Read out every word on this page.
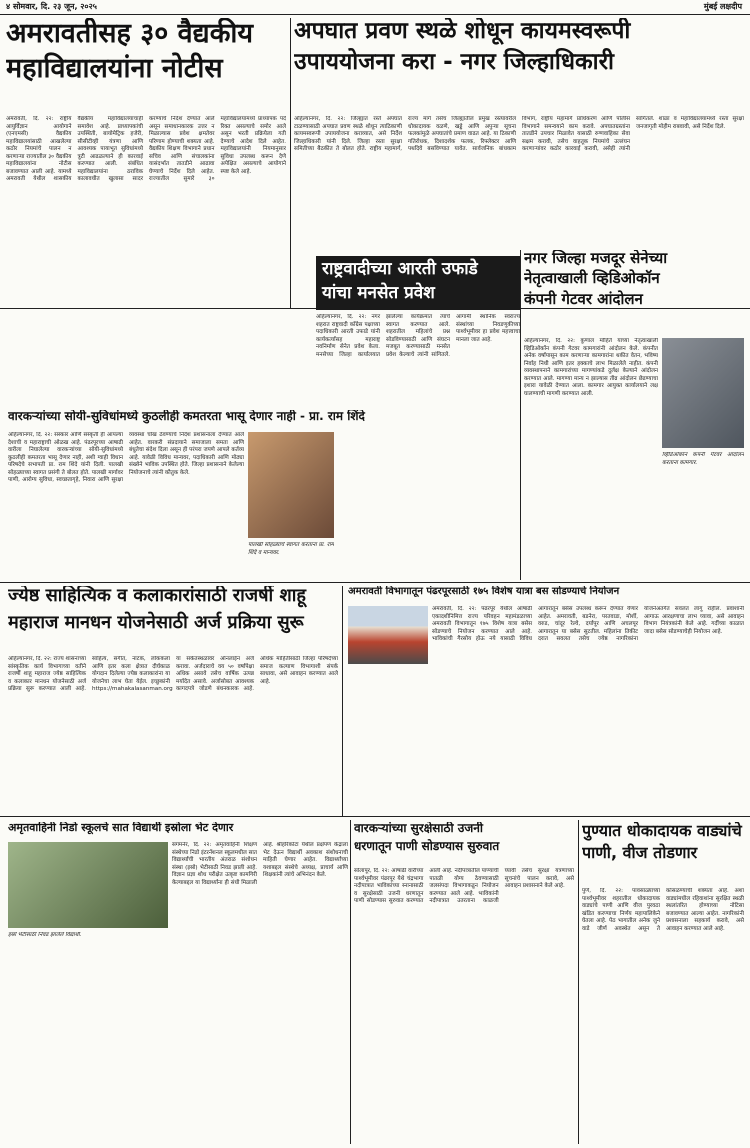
४ सोमवार, दि. २३ जून, २०२५	मुंबई लक्षदीप
अमरावतीसह ३० वैद्यकीय
महाविद्यालयांना नोटीस
अमरावती, दि. २२: राष्ट्रीय आयुर्विज्ञान आयोगाने (एनएमसी) वैद्यकीय महाविद्यालयांसाठी आखलेल्या कठोर नियमांचे पालन न करणाऱ्या राज्यातील ३० वैद्यकीय महाविद्यालयांना नोटीस बजावण्यात आली आहे. यामध्ये अमरावती येथील शासकीय वैद्यकीय महाविद्यालयाचाही समावेश आहे. प्राध्यापकांची उपस्थिती, बायोमेट्रिक हजेरी, सीसीटीव्ही यंत्रणा आणि आवश्यक पायाभूत सुविधांमध्ये त्रुटी आढळल्याने ही कारवाई करण्यात आली. संबंधित महाविद्यालयांना ठराविक कालावधीत खुलासा सादर करण्याचे निर्देश देण्यात आले असून समाधानकारक उत्तर न मिळाल्यास प्रवेश क्षमतेवर परिणाम होण्याची शक्यता आहे. वैद्यकीय शिक्षण विभागाने प्रधान सचिव आणि संचालकांना यासंदर्भात तातडीने आढावा घेण्याचे निर्देश दिले आहेत. राज्यातील सुमारे ३० महाविद्यालयांमध्ये प्राध्यापक पदे रिक्त असल्याचे समोर आले असून भरती प्रक्रियेला गती देण्याचे आदेश दिले आहेत. महाविद्यालयांनी नियमानुसार सुविधा उपलब्ध करून देणे अपेक्षित असल्याचे आयोगाने स्पष्ट केले आहे.
अपघात प्रवण स्थळे शोधून कायमस्वरूपी
उपाययोजना करा - नगर जिल्हाधिकारी
अहिल्यानगर, दि. २२: जिल्ह्यात रस्ते अपघात टाळण्यासाठी अपघात प्रवण स्थळे शोधून त्याठिकाणी कायमस्वरूपी उपाययोजना कराव्यात, असे निर्देश जिल्हाधिकारी यांनी दिले. जिल्हा रस्ता सुरक्षा समितीच्या बैठकीत ते बोलत होते. राष्ट्रीय महामार्ग, राज्य मार्ग तसेच जिल्ह्यातील प्रमुख रस्त्यांवरील धोकादायक वळणे, खड्डे आणि अपुऱ्या सूचना फलकांमुळे अपघातांचे प्रमाण वाढत आहे. या ठिकाणी गतिरोधक, दिशादर्शक फलक, रिफ्लेक्टर आणि पथदिवे बसविण्यात यावेत. सार्वजनिक बांधकाम विभाग, राष्ट्रीय महामार्ग प्राधिकरण आणि पोलीस विभागाने समन्वयाने काम करावे. अपघातग्रस्तांना तातडीने उपचार मिळावेत यासाठी रुग्णवाहिका सेवा सक्षम करावी, तसेच वाहतूक नियमांचे उल्लंघन करणाऱ्यांवर कठोर कारवाई करावी, असेही त्यांनी सांगितले. शाळा व महाविद्यालयांमध्ये रस्ता सुरक्षा जनजागृती मोहीम राबवावी, असे निर्देश दिले.
राष्ट्रवादीच्या आरती उफाडे
यांचा मनसेत प्रवेश
अहिल्यानगर, दि. २२: नगर शहरात राष्ट्रवादी काँग्रेस पक्षाच्या पदाधिकारी आरती उफाडे यांनी कार्यकर्त्यांसह महाराष्ट्र नवनिर्माण सेनेत प्रवेश केला. मनसेच्या जिल्हा कार्यालयात झालेल्या कार्यक्रमात त्यांचे स्वागत करण्यात आले. शहरातील महिलांचे प्रश्न सोडविण्यासाठी आणि संघटन मजबूत करण्यासाठी मनसेत प्रवेश केल्याचे त्यांनी सांगितले. आगामी स्थानिक स्वराज्य संस्थांच्या निवडणुकीच्या पार्श्वभूमीवर हा प्रवेश महत्त्वाचा मानला जात आहे.
नगर जिल्हा मजदूर सेनेच्या
नेतृत्वाखाली व्हिडिओकॉन
कंपनी गेटवर आंदोलन
अहिल्यानगर, दि. २२: कुणाल मोहिते यांच्या नेतृत्वाखाली व्हिडिओकॉन कंपनी गेटवर कामगारांनी आंदोलन केले. कंपनीत अनेक वर्षांपासून काम करणाऱ्या कामगारांना थकीत वेतन, भविष्य निर्वाह निधी आणि इतर हक्काचे लाभ मिळालेले नाहीत. कंपनी व्यवस्थापनाने कामगारांच्या मागण्यांकडे दुर्लक्ष केल्याने आंदोलन करण्यात आले. मागण्या मान्य न झाल्यास तीव्र आंदोलन छेडण्याचा इशारा यावेळी देण्यात आला. कामगार आयुक्त कार्यालयाने लक्ष घालण्याची मागणी करण्यात आली.
व्हिडिओकॉन कंपनी गेटवर आंदोलन करताना कामगार.
वारकऱ्यांच्या सोयी-सुविधांमध्ये कुठलीही कमतरता भासू देणार नाही - प्रा. राम शिंदे
अहिल्यानगर, दि. २२: संस्कार आणि संस्कृती ही आपल्या देशाची व महाराष्ट्राची ओळख आहे. पंढरपूरच्या आषाढी वारीला निघालेल्या वारकऱ्यांच्या सोयी-सुविधांमध्ये कुठलीही कमतरता भासू देणार नाही, अशी ग्वाही विधान परिषदेचे सभापती प्रा. राम शिंदे यांनी दिली. पालखी सोहळ्याच्या स्वागत प्रसंगी ते बोलत होते. पालखी मार्गावर पाणी, आरोग्य सुविधा, स्वच्छतागृहे, निवारा आणि सुरक्षा व्यवस्था चोख ठेवण्याचे निर्देश प्रशासनाला देण्यात आले आहेत. वारकरी संप्रदायाने समाजाला समता आणि बंधुतेचा संदेश दिला असून ही परंपरा जपणे आपले कर्तव्य आहे. यावेळी विविध मान्यवर, पदाधिकारी आणि मोठ्या संख्येने भाविक उपस्थित होते. जिल्हा प्रशासनाने केलेल्या नियोजनाचे त्यांनी कौतुक केले.
पालखी सोहळ्याचे स्वागत करताना प्रा. राम शिंदे व मान्यवर.
ज्येष्ठ साहित्यिक व कलाकारांसाठी राजर्षी शाहू
महाराज मानधन योजनेसाठी अर्ज प्रक्रिया सुरू
अहिल्यानगर, दि. २२: राज्य शासनाच्या सांस्कृतिक कार्य विभागाच्या वतीने राजर्षी शाहू महाराज ज्येष्ठ साहित्यिक व कलाकार मानधन योजनेसाठी अर्ज प्रक्रिया सुरू करण्यात आली आहे. साहित्य, संगीत, नाटक, लोककला आणि इतर कला क्षेत्रात दीर्घकाळ योगदान दिलेल्या ज्येष्ठ कलाकारांना या योजनेचा लाभ घेता येईल. इच्छुकांनी https://mahakalasanman.org या संकेतस्थळावर ऑनलाईन अर्ज करावा. अर्जदाराचे वय ५० वर्षांपेक्षा अधिक असावे तसेच वार्षिक उत्पन्न मर्यादेत असावे. अर्जासोबत आवश्यक कागदपत्रे जोडणे बंधनकारक आहे. अधिक माहितीसाठी जिल्हा परिषदेच्या समाज कल्याण विभागाशी संपर्क साधावा, असे आवाहन करण्यात आले आहे.
अमरावती विभागातून पंढरपूरसाठी १७५ विशेष यात्रा बस सोडण्याचे नियोजन
अमरावती, दि. २२: पंढरपूर येथील आषाढी एकादशीनिमित्त राज्य परिवहन महामंडळाच्या अमरावती विभागातून १७५ विशेष यात्रा बसेस सोडण्याचे नियोजन करण्यात आले आहे. भाविकांची गैरसोय होऊ नये यासाठी विविध आगारांतून बसेस उपलब्ध करून देण्यात येणार आहेत. अमरावती, बडनेरा, परतवाडा, मोर्शी, वरुड, चांदूर रेल्वे, दर्यापूर आणि अचलपूर आगारातून या बसेस सुटतील. महिलांना तिकीट दरात सवलत तसेच ज्येष्ठ नागरिकांना योजनेअंतर्गत सवलत लागू राहील. प्रवाशांनी आगाऊ आरक्षणाचा लाभ घ्यावा, असे आवाहन विभाग नियंत्रकांनी केले आहे. गर्दीच्या काळात जादा बसेस सोडण्याचेही नियोजन आहे.
अमृतवाहिनी निडो स्कूलचे सात विद्यार्थी इस्रोला भेट देणार
इस्रो भेटीसाठी निवड झालेले विद्यार्थी.
संगमनेर, दि. २२: अमृतवाहिनी शिक्षण संस्थेच्या निडो इंटरनॅशनल स्कूलमधील सात विद्यार्थ्यांची भारतीय अंतराळ संशोधन संस्था (इस्रो) भेटीसाठी निवड झाली आहे. विज्ञान प्रज्ञा शोध परीक्षेत उत्कृष्ट कामगिरी केल्याबद्दल या विद्यार्थ्यांना ही संधी मिळाली आहे. श्रीहरिकोटा येथील प्रक्षेपण केंद्राला भेट देऊन विद्यार्थी अवकाश संशोधनाची माहिती घेणार आहेत. विद्यार्थ्यांच्या यशाबद्दल संस्थेचे अध्यक्ष, प्राचार्य आणि शिक्षकांनी त्यांचे अभिनंदन केले.
वारकऱ्यांच्या सुरक्षेसाठी उजनी
धरणातून पाणी सोडण्यास सुरुवात
सोलापूर, दि. २२: आषाढी वारीच्या पार्श्वभूमीवर पंढरपूर येथे चंद्रभागा नदीपात्रात भाविकांच्या स्नानासाठी व सुरक्षेसाठी उजनी धरणातून पाणी सोडण्यास सुरुवात करण्यात आली आहे. नदीपात्रातील पाण्याची पातळी योग्य ठेवण्यासाठी जलसंपदा विभागाकडून नियोजन करण्यात आले आहे. भाविकांनी नदीपात्रात उतरताना काळजी घ्यावी तसेच सुरक्षा यंत्रणांच्या सूचनांचे पालन करावे, असे आवाहन प्रशासनाने केले आहे.
पुण्यात धोकादायक वाड्यांचे
पाणी, वीज तोडणार
पुणे, दि. २२: पावसाळ्याच्या पार्श्वभूमीवर शहरातील धोकादायक वाड्यांचे पाणी आणि वीज पुरवठा खंडित करण्याचा निर्णय महापालिकेने घेतला आहे. पेठ भागातील अनेक जुने वाडे जीर्ण अवस्थेत असून ते कोसळण्याची शक्यता आहे. अशा वाड्यांमधील रहिवाशांना सुरक्षित स्थळी स्थलांतरित होण्याच्या नोटिसा बजावण्यात आल्या आहेत. नागरिकांनी प्रशासनाला सहकार्य करावे, असे आवाहन करण्यात आले आहे.
